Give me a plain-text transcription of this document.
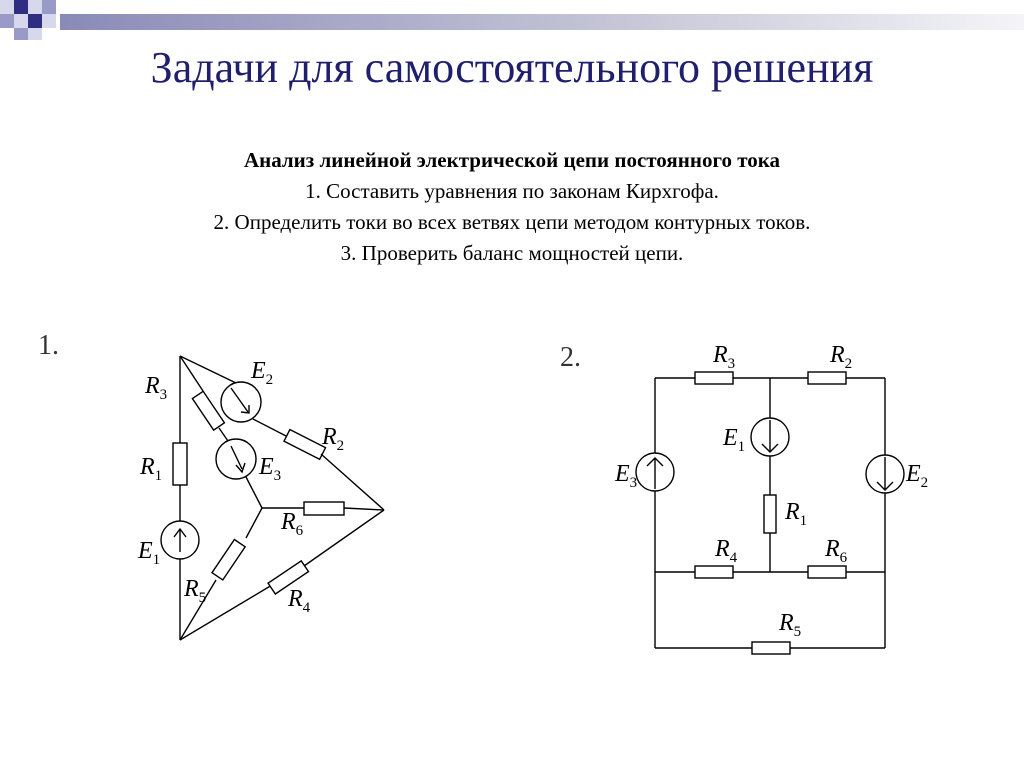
Задачи для самостоятельного решения
Анализ линейной электрической цепи постоянного тока
1. Составить уравнения по законам Кирхгофа.
2. Определить токи во всех ветвях цепи методом контурных токов.
3. Проверить баланс мощностей цепи.
1.	2.
$R_3$
$E_2$
$R_2$
$R_1$	$E_3$
$R_6$
$E_1$
$R_5$	$R_4$
$R_3$	$R_2$
$E_1$
$E_3$	$E_2$
$R_1$
$R_4$	$R_6$
$R_5$
